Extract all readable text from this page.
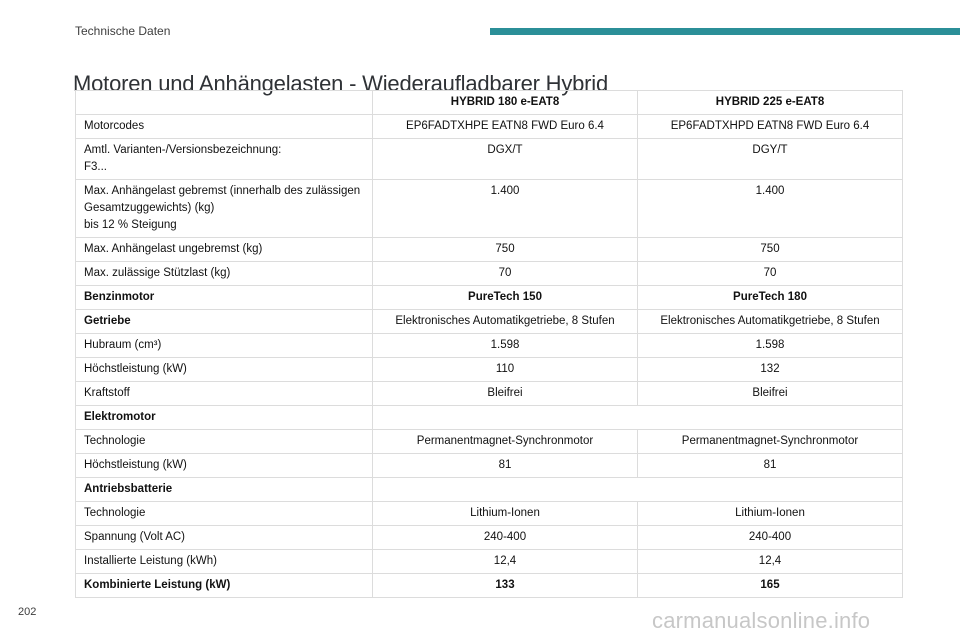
Technische Daten
Motoren und Anhängelasten - Wiederaufladbarer Hybrid
	HYBRID 180 e-EAT8	HYBRID 225 e-EAT8
Motorcodes	EP6FADTXHPE EATN8 FWD Euro 6.4	EP6FADTXHPD EATN8 FWD Euro 6.4

Amtl. Varianten-/Versionsbezeichnung:
F3...	DGX/T	DGY/T

Max. Anhängelast gebremst (innerhalb des zulässigen
Gesamtzuggewichts) (kg)
bis 12 % Steigung	1.400	1.400
Max. Anhängelast ungebremst (kg)	750	750
Max. zulässige Stützlast (kg)	70	70
Benzinmotor	PureTech 150	PureTech 180
Getriebe	Elektronisches Automatikgetriebe, 8 Stufen	Elektronisches Automatikgetriebe, 8 Stufen
Hubraum (cm³)	1.598	1.598
Höchstleistung (kW)	110	132
Kraftstoff	Bleifrei	Bleifrei
Elektromotor		
Technologie	Permanentmagnet-Synchronmotor	Permanentmagnet-Synchronmotor
Höchstleistung (kW)	81	81
Antriebsbatterie		
Technologie	Lithium-Ionen	Lithium-Ionen
Spannung (Volt AC)	240-400	240-400
Installierte Leistung (kWh)	12,4	12,4
Kombinierte Leistung (kW)	133	165
202	carmanualsonline.info
